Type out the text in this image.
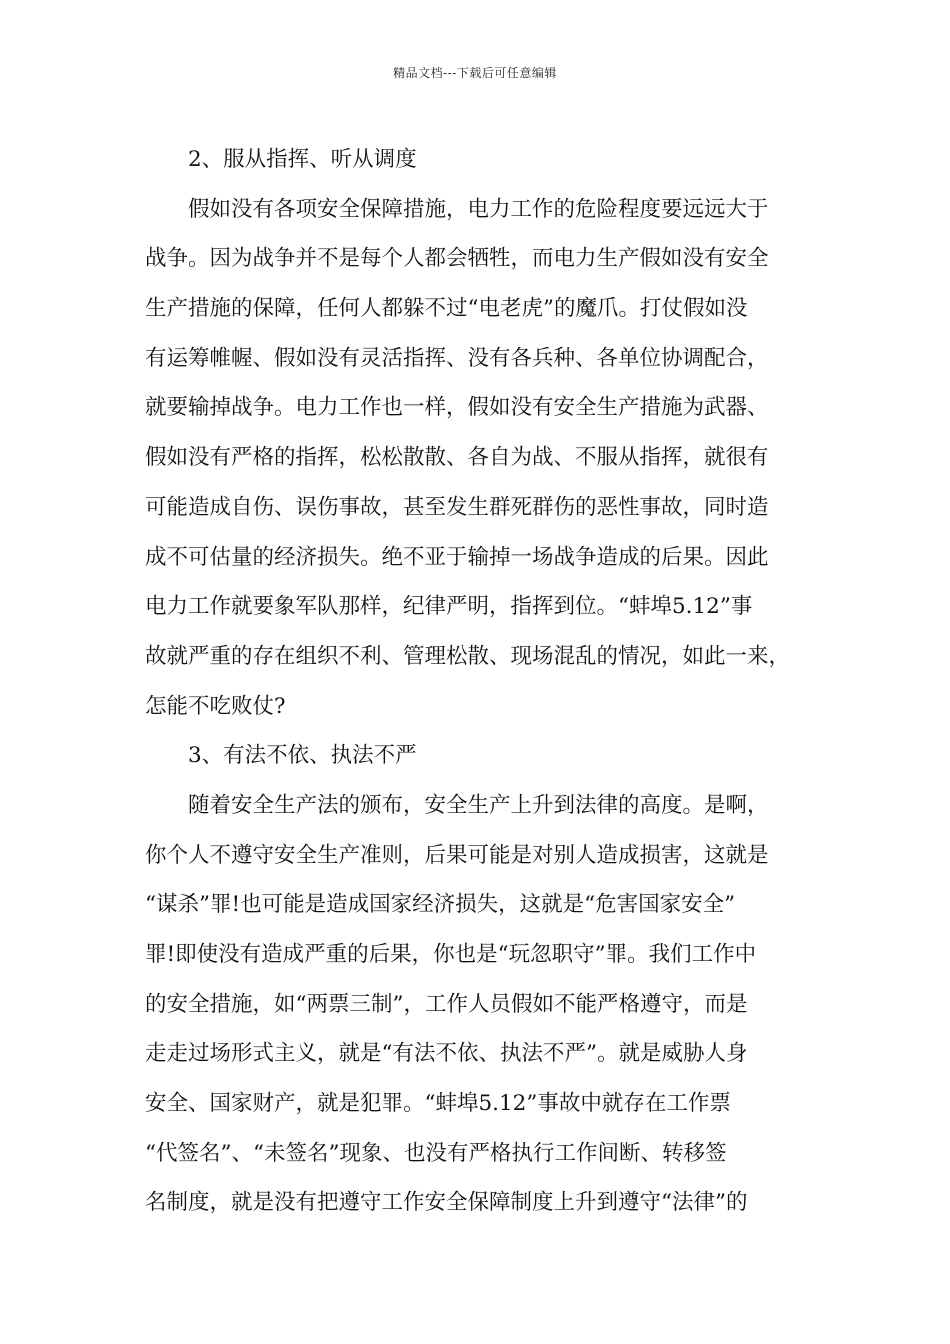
精品文档---下载后可任意编辑
2、服从指挥、听从调度
假如没有各项安全保障措施，电力工作的危险程度要远远大于
战争。因为战争并不是每个人都会牺牲，而电力生产假如没有安全
生产措施的保障，任何人都躲不过“电老虎”的魔爪。打仗假如没
有运筹帷幄、假如没有灵活指挥、没有各兵种、各单位协调配合，
就要输掉战争。电力工作也一样，假如没有安全生产措施为武器、
假如没有严格的指挥，松松散散、各自为战、不服从指挥，就很有
可能造成自伤、误伤事故，甚至发生群死群伤的恶性事故，同时造
成不可估量的经济损失。绝不亚于输掉一场战争造成的后果。因此
电力工作就要象军队那样，纪律严明，指挥到位。“蚌埠5.12”事
故就严重的存在组织不利、管理松散、现场混乱的情况，如此一来，
怎能不吃败仗?
3、有法不依、执法不严
随着安全生产法的颁布，安全生产上升到法律的高度。是啊，
你个人不遵守安全生产准则，后果可能是对别人造成损害，这就是
“谋杀”罪!也可能是造成国家经济损失，这就是“危害国家安全”
罪!即使没有造成严重的后果，你也是“玩忽职守”罪。我们工作中
的安全措施，如“两票三制”，工作人员假如不能严格遵守，而是
走走过场形式主义，就是“有法不依、执法不严”。就是威胁人身
安全、国家财产，就是犯罪。“蚌埠5.12”事故中就存在工作票
“代签名”、“未签名”现象、也没有严格执行工作间断、转移签
名制度，就是没有把遵守工作安全保障制度上升到遵守“法律”的
